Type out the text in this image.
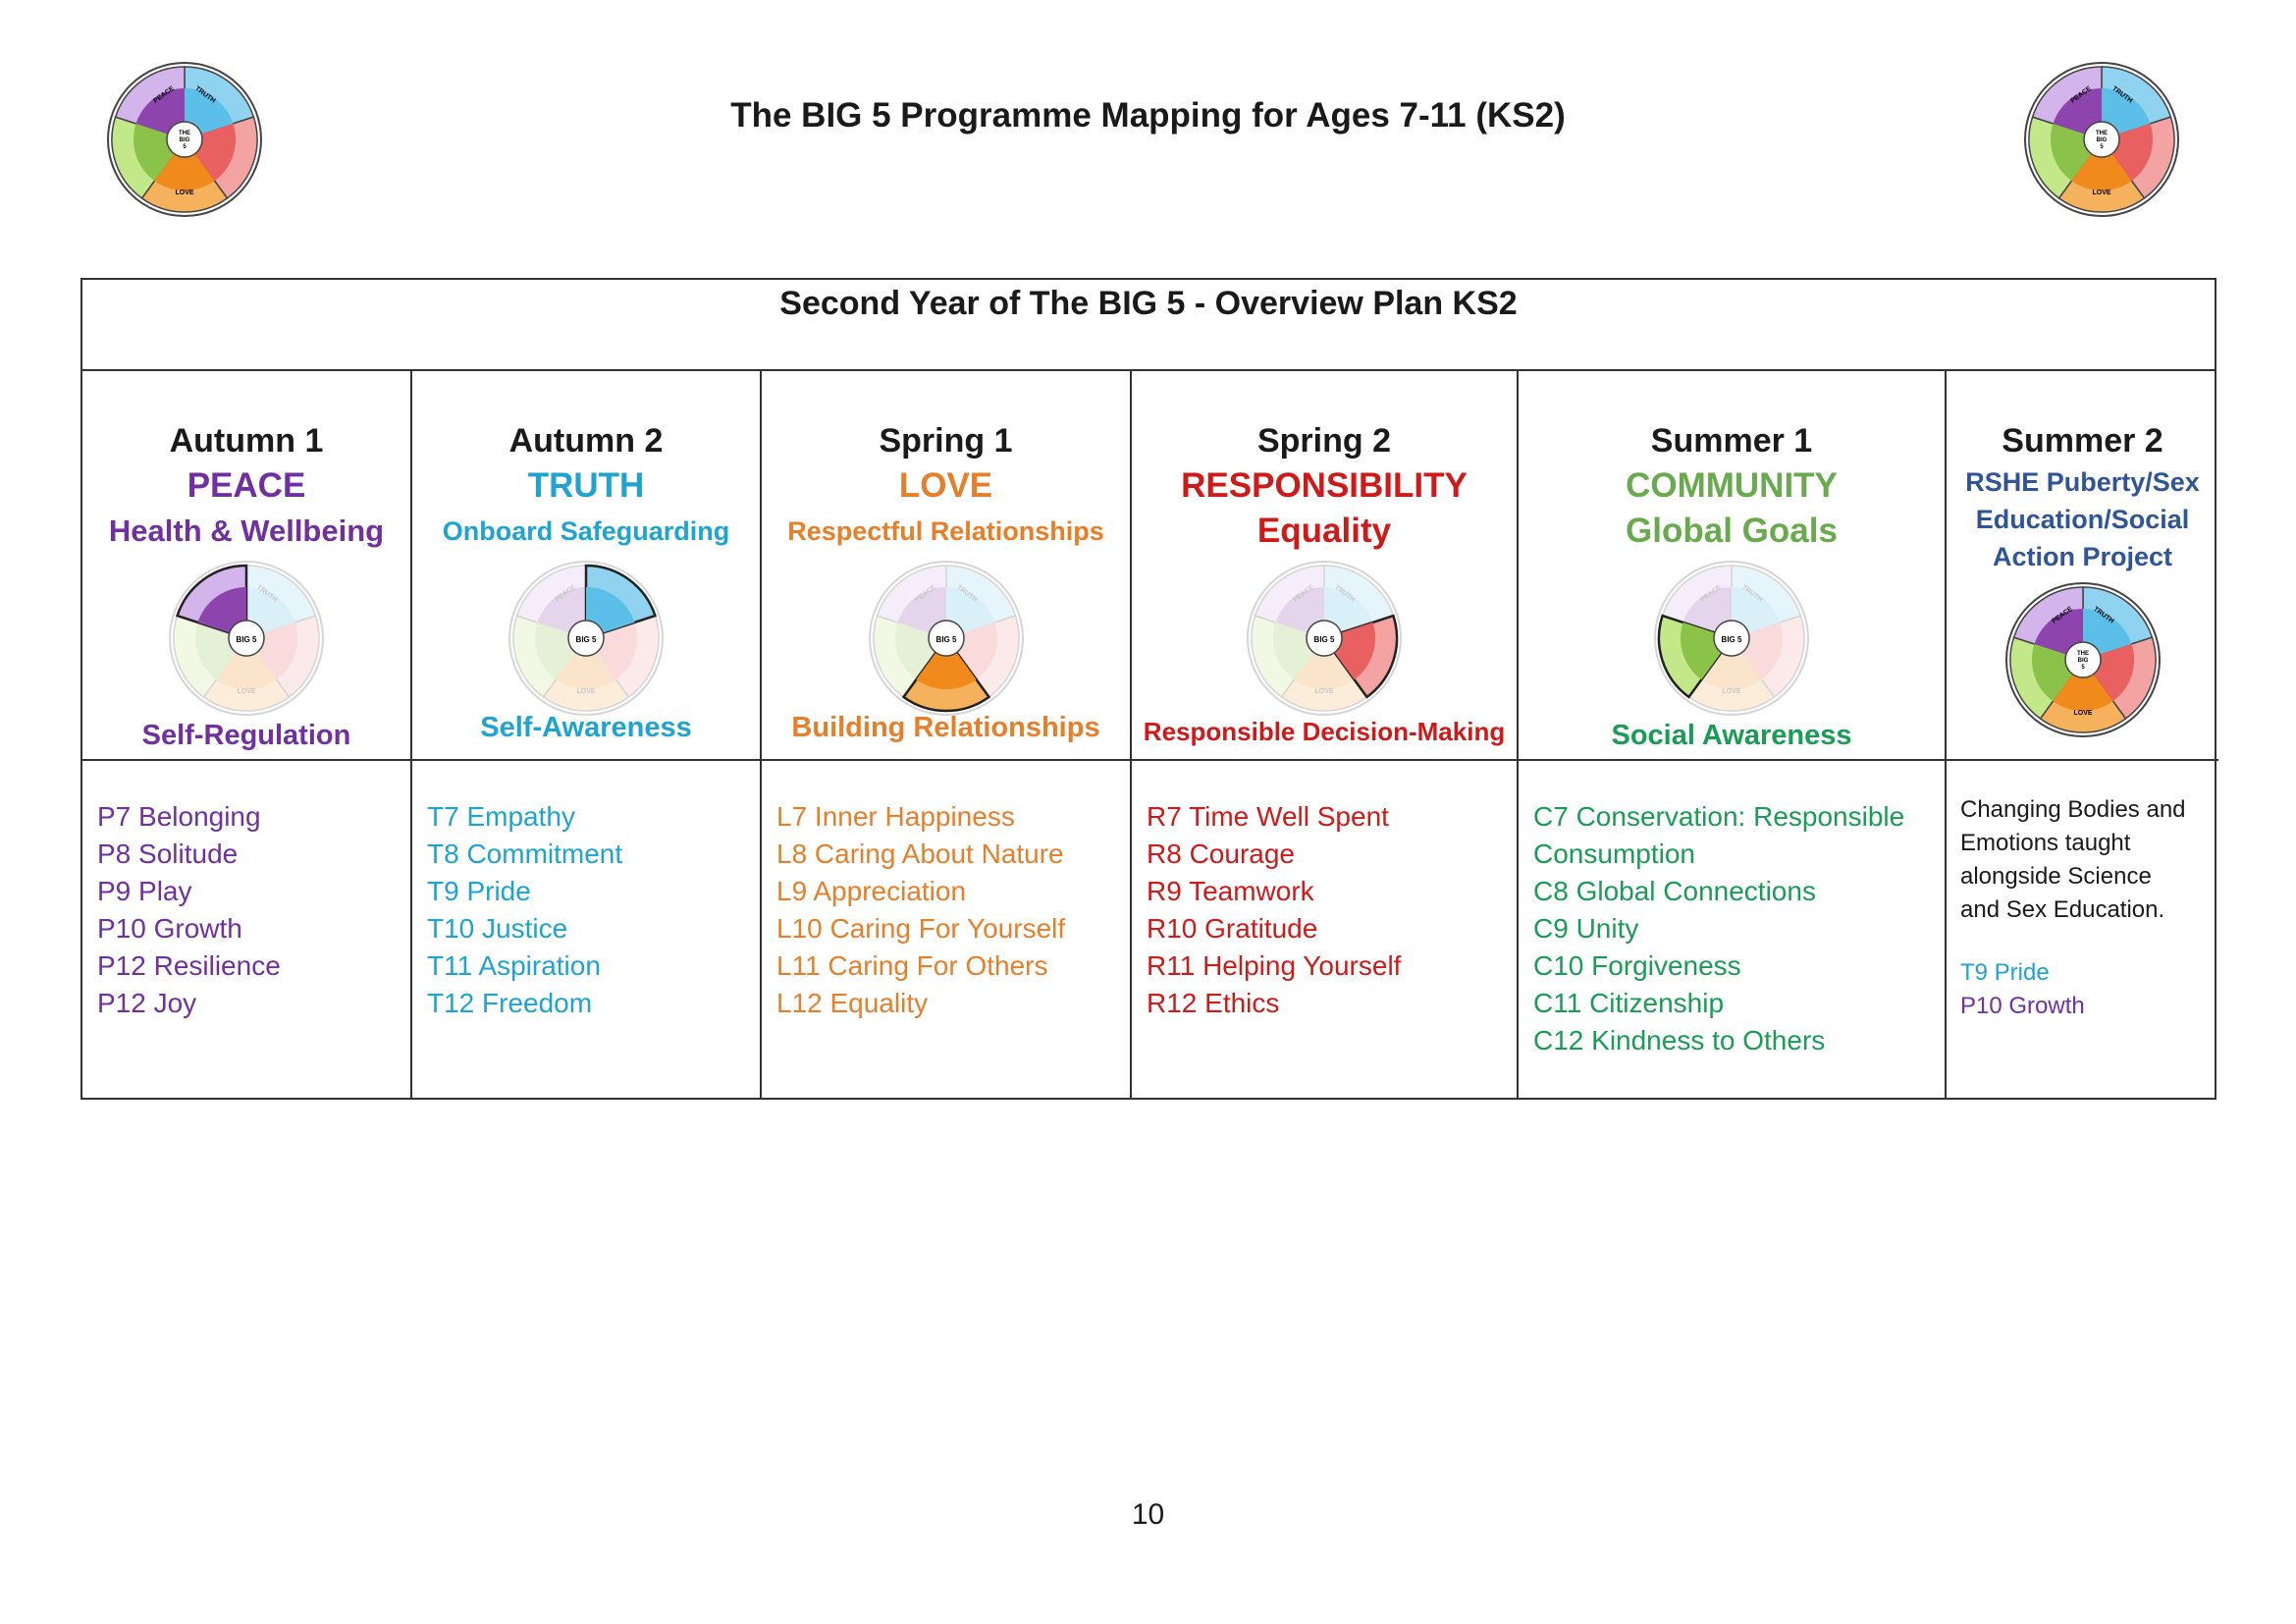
The BIG 5 Programme Mapping for Ages 7-11 (KS2)
Second Year of The BIG 5 - Overview Plan KS2
Autumn 1
PEACE
Health & Wellbeing
BIG 5
Self-Regulation
P7 Belonging
P8 Solitude
P9 Play
P10 Growth
P12 Resilience
P12 Joy
Autumn 2
TRUTH
Onboard Safeguarding
BIG 5
Self-Awareness
T7 Empathy
T8 Commitment
T9 Pride
T10 Justice
T11 Aspiration
T12 Freedom
Spring 1
LOVE
Respectful Relationships
BIG 5
Building Relationships
L7 Inner Happiness
L8 Caring About Nature
L9 Appreciation
L10 Caring For Yourself
L11 Caring For Others
L12 Equality
Spring 2
RESPONSIBILITY
Equality
BIG 5
Responsible Decision-Making
R7 Time Well Spent
R8 Courage
R9 Teamwork
R10 Gratitude
R11 Helping Yourself
R12 Ethics
Summer 1
COMMUNITY
Global Goals
BIG 5
Social Awareness
C7 Conservation: Responsible
Consumption
C8 Global Connections
C9 Unity
C10 Forgiveness
C11 Citizenship
C12 Kindness to Others
Summer 2
RSHE Puberty/Sex
Education/Social
Action Project
Changing Bodies and
Emotions taught
alongside Science
and Sex Education.
T9 Pride
P10 Growth
10
